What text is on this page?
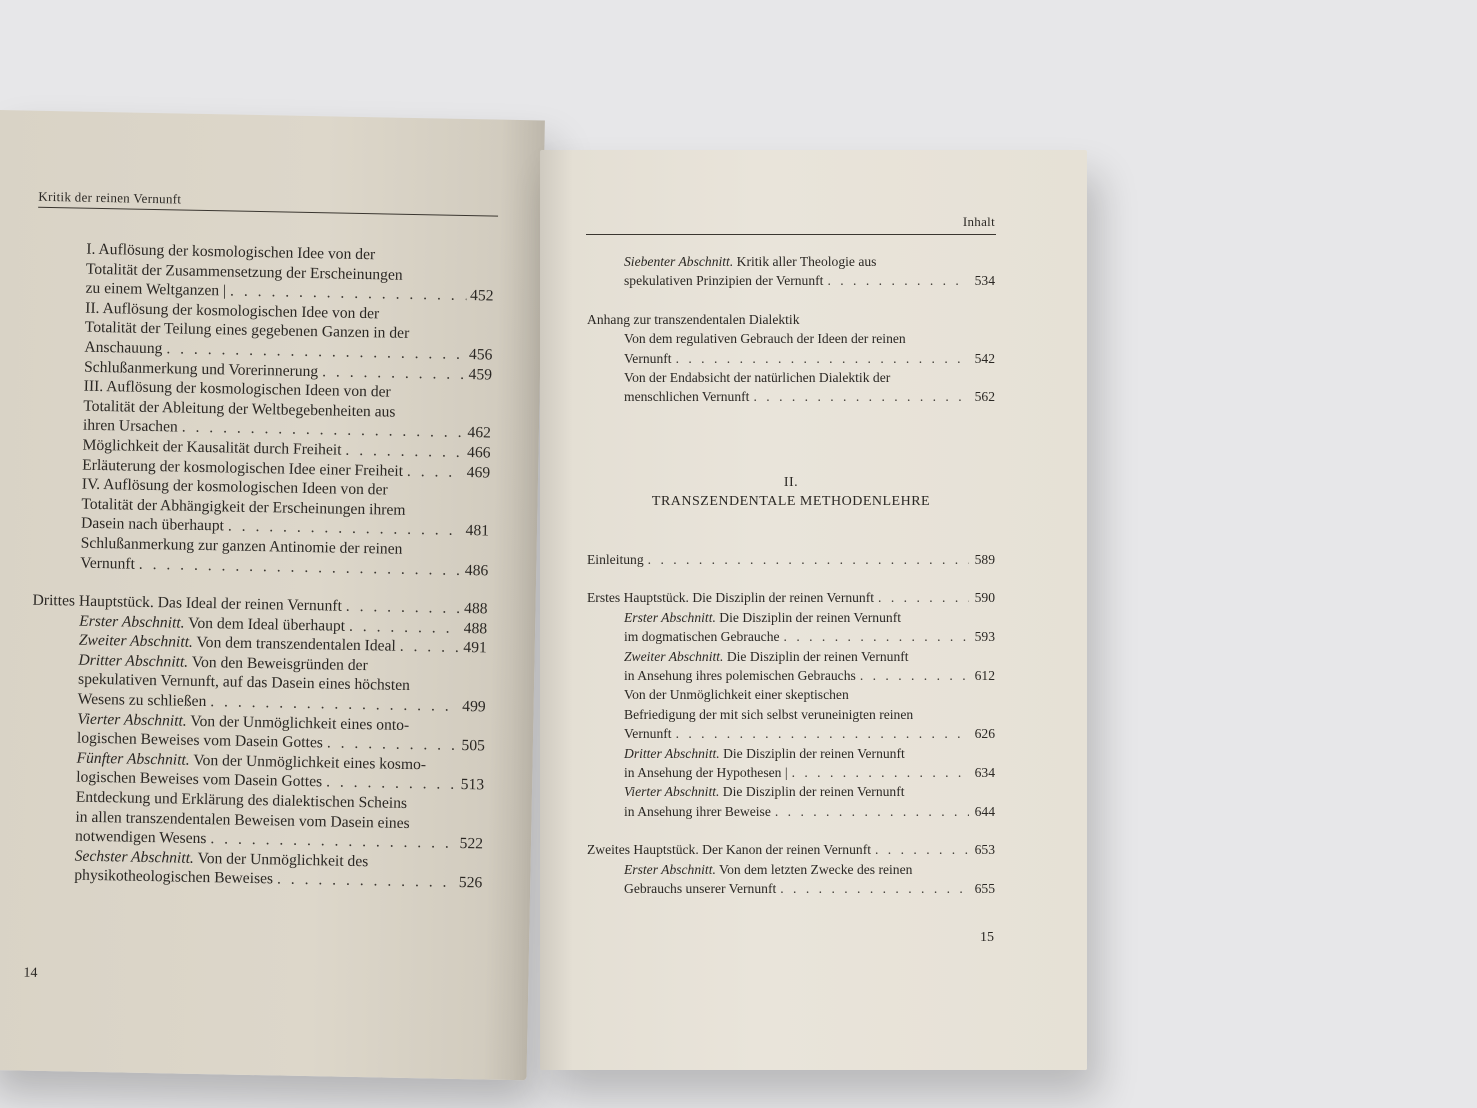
Kritik der reinen Vernunft
I. Auflösung der kosmologischen Idee von der
Totalität der Zusammensetzung der Erscheinungen
zu einem Weltganzen | . . .	452
II. Auflösung der kosmologischen Idee von der
Totalität der Teilung eines gegebenen Ganzen in der
Anschauung . . .	456
Schlußanmerkung und Vorerinnerung . . .	459
III. Auflösung der kosmologischen Ideen von der
Totalität der Ableitung der Weltbegebenheiten aus
ihren Ursachen . . .	462
Möglichkeit der Kausalität durch Freiheit . . .	466
Erläuterung der kosmologischen Idee einer Freiheit . . .	469
IV. Auflösung der kosmologischen Ideen von der
Totalität der Abhängigkeit der Erscheinungen ihrem
Dasein nach überhaupt . . .	481
Schlußanmerkung zur ganzen Antinomie der reinen
Vernunft . . .	486
Drittes Hauptstück. Das Ideal der reinen Vernunft . . .	488
Erster Abschnitt. Von dem Ideal überhaupt . . .	488
Zweiter Abschnitt. Von dem transzendentalen Ideal . . .	491
Dritter Abschnitt. Von den Beweisgründen der
spekulativen Vernunft, auf das Dasein eines höchsten
Wesens zu schließen . . .	499
Vierter Abschnitt. Von der Unmöglichkeit eines onto-
logischen Beweises vom Dasein Gottes . . .	505
Fünfter Abschnitt. Von der Unmöglichkeit eines kosmo-
logischen Beweises vom Dasein Gottes . . .	513
Entdeckung und Erklärung des dialektischen Scheins
in allen transzendentalen Beweisen vom Dasein eines
notwendigen Wesens . . .	522
Sechster Abschnitt. Von der Unmöglichkeit des
physikotheologischen Beweises . . .	526
14
Inhalt
Siebenter Abschnitt. Kritik aller Theologie aus
spekulativen Prinzipien der Vernunft . . .	534
Anhang zur transzendentalen Dialektik
Von dem regulativen Gebrauch der Ideen der reinen
Vernunft . . .	542
Von der Endabsicht der natürlichen Dialektik der
menschlichen Vernunft . . .	562
II.
TRANSZENDENTALE METHODENLEHRE
Einleitung . . .	589
Erstes Hauptstück. Die Disziplin der reinen Vernunft . . .	590
Erster Abschnitt. Die Disziplin der reinen Vernunft
im dogmatischen Gebrauche . . .	593
Zweiter Abschnitt. Die Disziplin der reinen Vernunft
in Ansehung ihres polemischen Gebrauchs . . .	612
Von der Unmöglichkeit einer skeptischen
Befriedigung der mit sich selbst veruneinigten reinen
Vernunft . . .	626
Dritter Abschnitt. Die Disziplin der reinen Vernunft
in Ansehung der Hypothesen | . . .	634
Vierter Abschnitt. Die Disziplin der reinen Vernunft
in Ansehung ihrer Beweise . . .	644
Zweites Hauptstück. Der Kanon der reinen Vernunft . . .	653
Erster Abschnitt. Von dem letzten Zwecke des reinen
Gebrauchs unserer Vernunft . . .	655
15
